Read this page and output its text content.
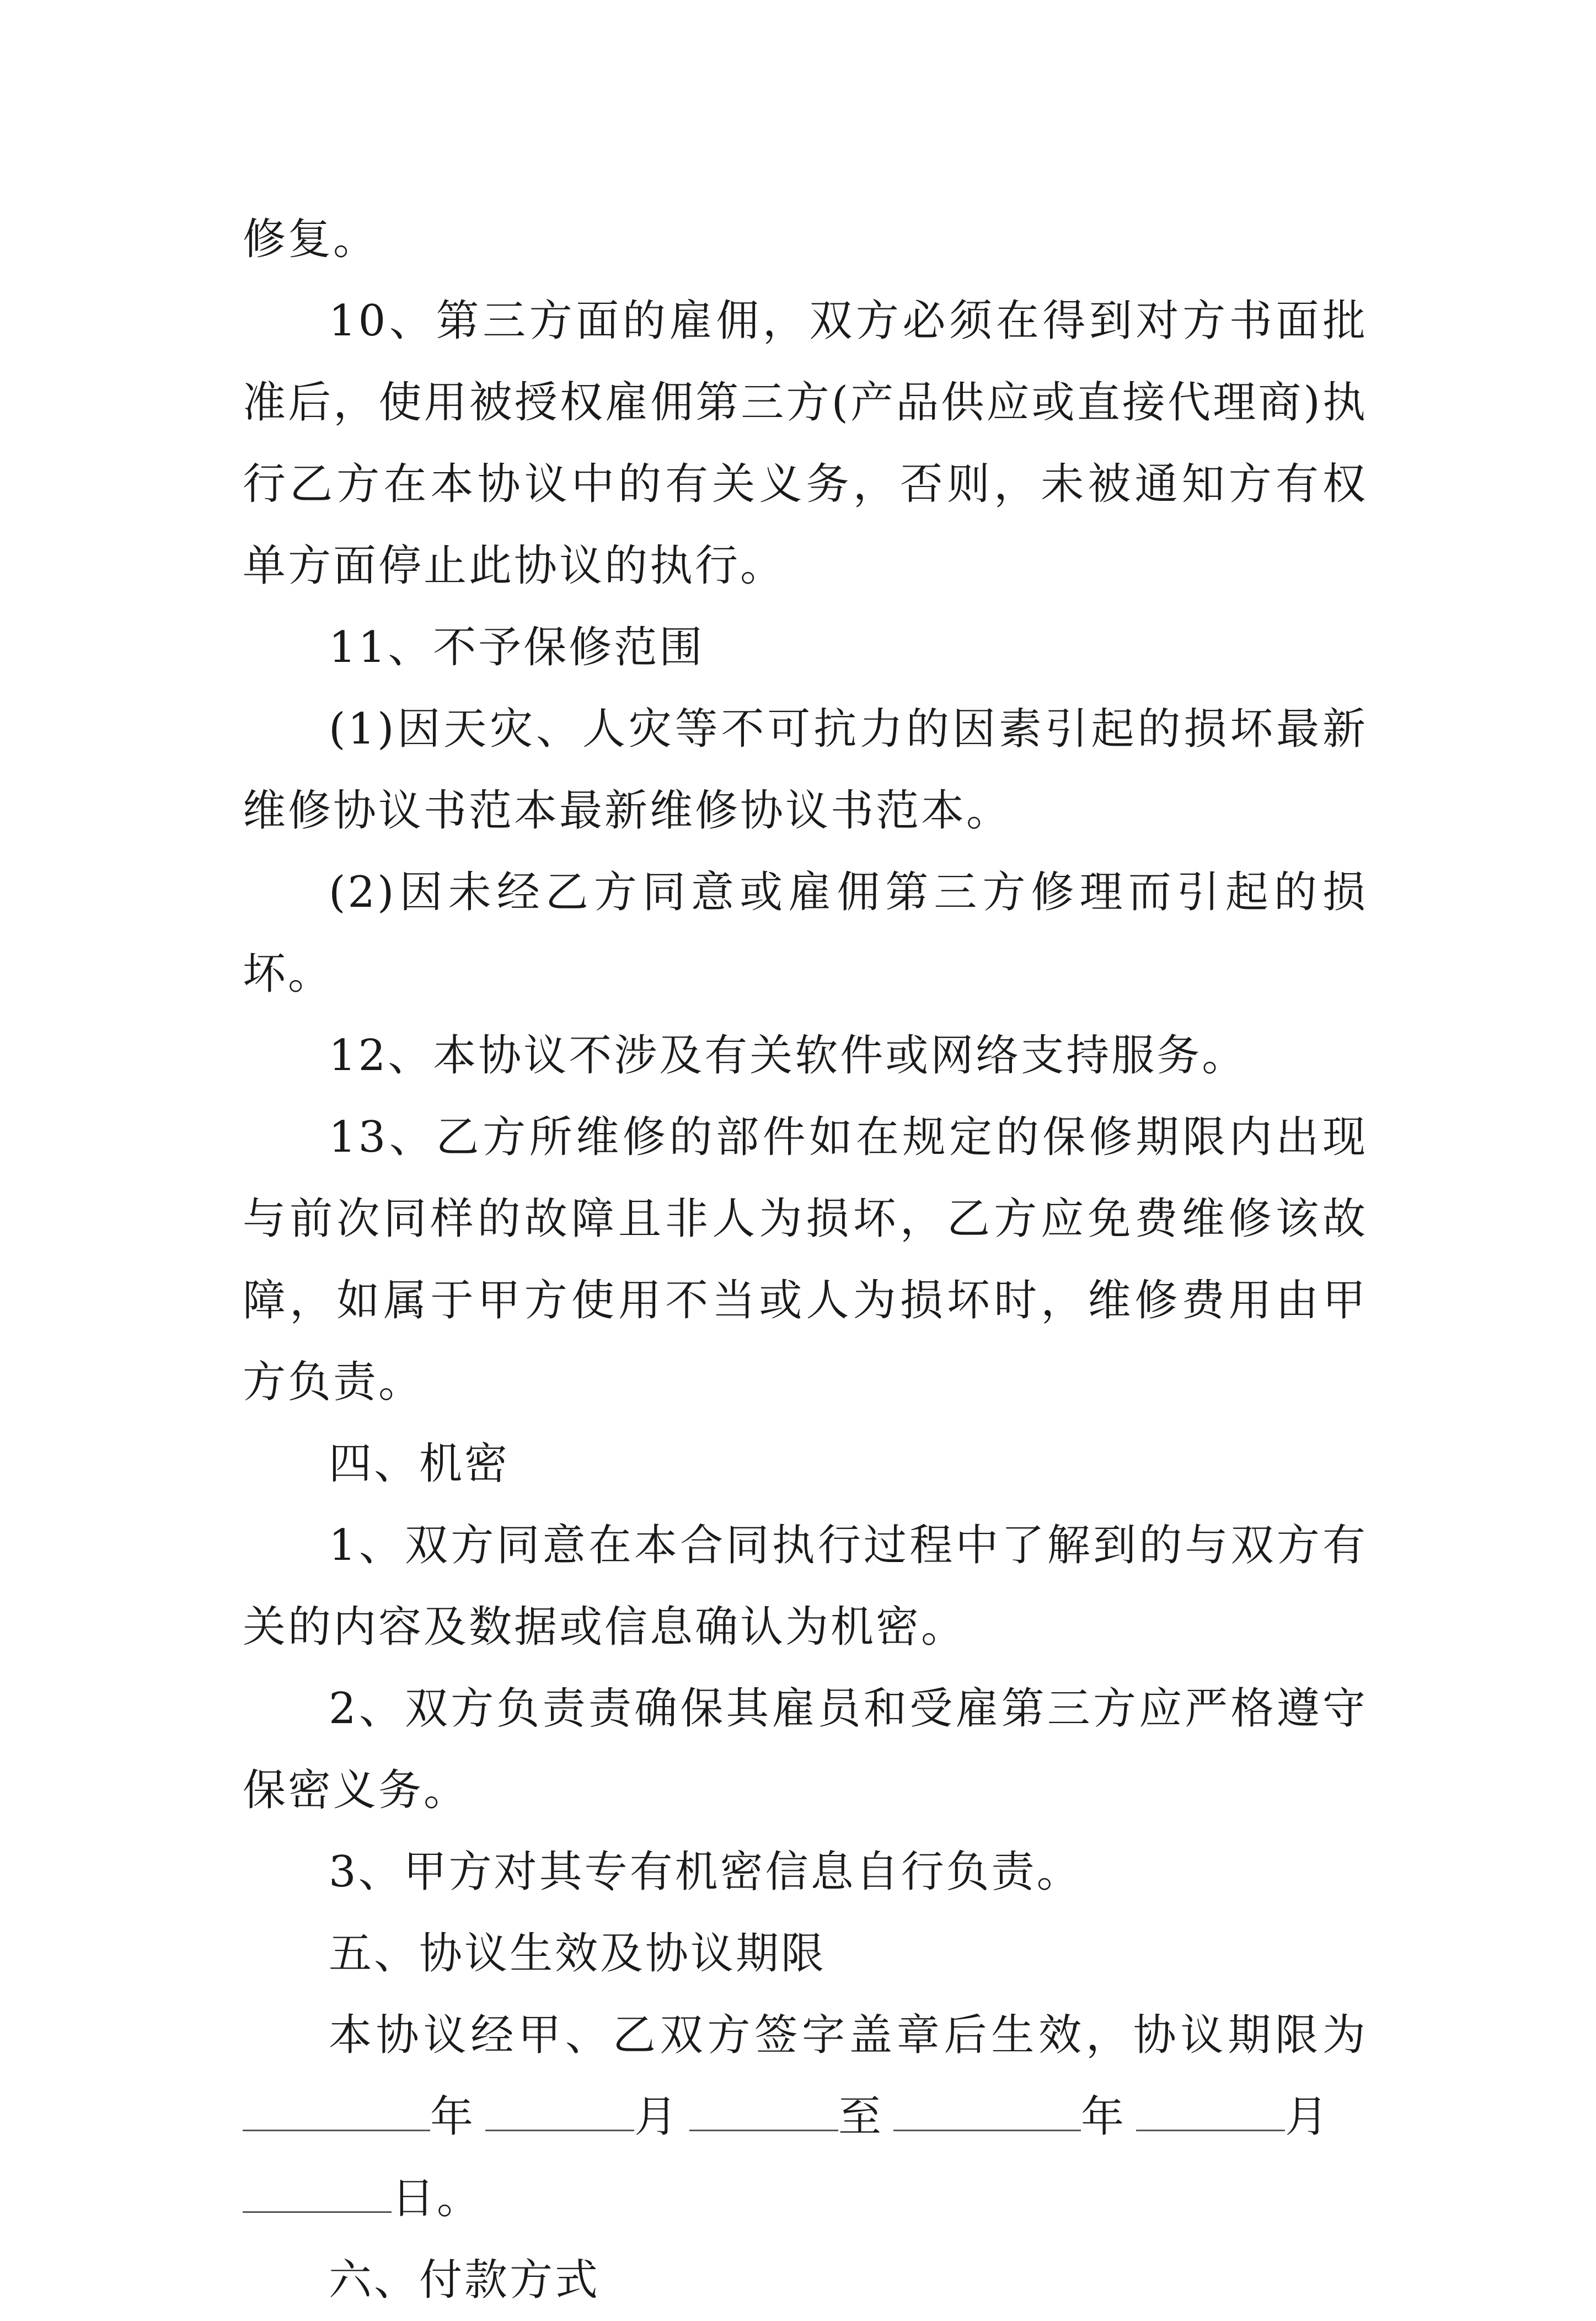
修复。

10、第三方面的雇佣，双方必须在得到对方书面批准后，使用被授权雇佣第三方(产品供应或直接代理商)执行乙方在本协议中的有关义务，否则，未被通知方有权单方面停止此协议的执行。

11、不予保修范围

(1)因天灾、人灾等不可抗力的因素引起的损坏最新维修协议书范本最新维修协议书范本。

(2)因未经乙方同意或雇佣第三方修理而引起的损坏。

12、本协议不涉及有关软件或网络支持服务。

13、乙方所维修的部件如在规定的保修期限内出现与前次同样的故障且非人为损坏，乙方应免费维修该故障，如属于甲方使用不当或人为损坏时，维修费用由甲方负责。

四、机密

1、双方同意在本合同执行过程中了解到的与双方有关的内容及数据或信息确认为机密。

2、双方负责责确保其雇员和受雇第三方应严格遵守保密义务。

3、甲方对其专有机密信息自行负责。

五、协议生效及协议期限

本协议经甲、乙双方签字盖章后生效，协议期限为 年	月	至	年	月
日。

六、付款方式
